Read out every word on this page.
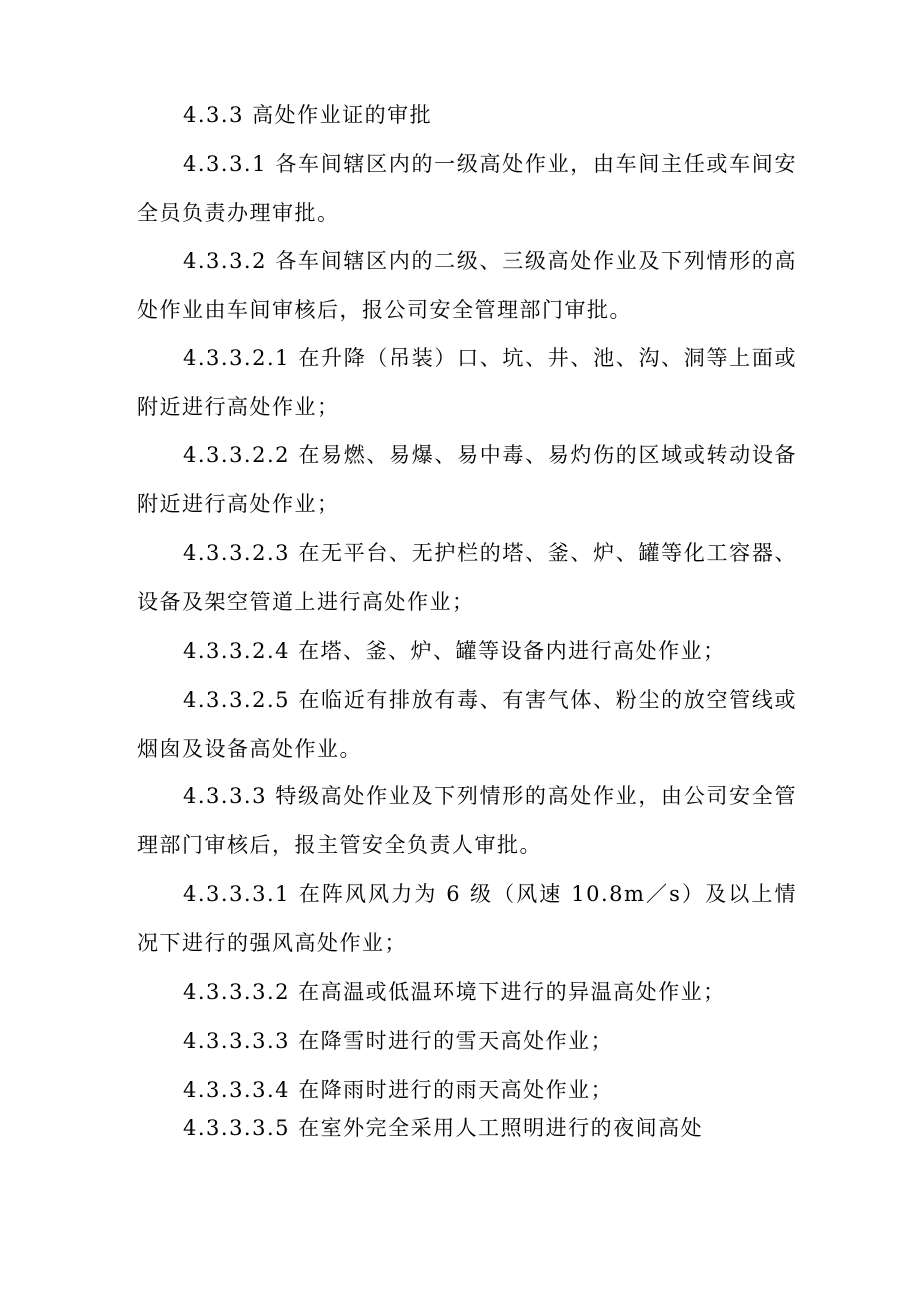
4.3.3 高处作业证的审批

4.3.3.1 各车间辖区内的一级高处作业，由车间主任或车间安全员负责办理审批。

4.3.3.2 各车间辖区内的二级、三级高处作业及下列情形的高处作业由车间审核后，报公司安全管理部门审批。

4.3.3.2.1 在升降（吊装）口、坑、井、池、沟、洞等上面或附近进行高处作业；

4.3.3.2.2 在易燃、易爆、易中毒、易灼伤的区域或转动设备附近进行高处作业；

4.3.3.2.3 在无平台、无护栏的塔、釜、炉、罐等化工容器、设备及架空管道上进行高处作业；

4.3.3.2.4 在塔、釜、炉、罐等设备内进行高处作业；

4.3.3.2.5 在临近有排放有毒、有害气体、粉尘的放空管线或烟囱及设备高处作业。

4.3.3.3 特级高处作业及下列情形的高处作业，由公司安全管理部门审核后，报主管安全负责人审批。

4.3.3.3.1 在阵风风力为 6 级（风速 10.8m／s）及以上情况下进行的强风高处作业；

4.3.3.3.2 在高温或低温环境下进行的异温高处作业；

4.3.3.3.3 在降雪时进行的雪天高处作业；

4.3.3.3.4 在降雨时进行的雨天高处作业；

4.3.3.3.5 在室外完全采用人工照明进行的夜间高处
